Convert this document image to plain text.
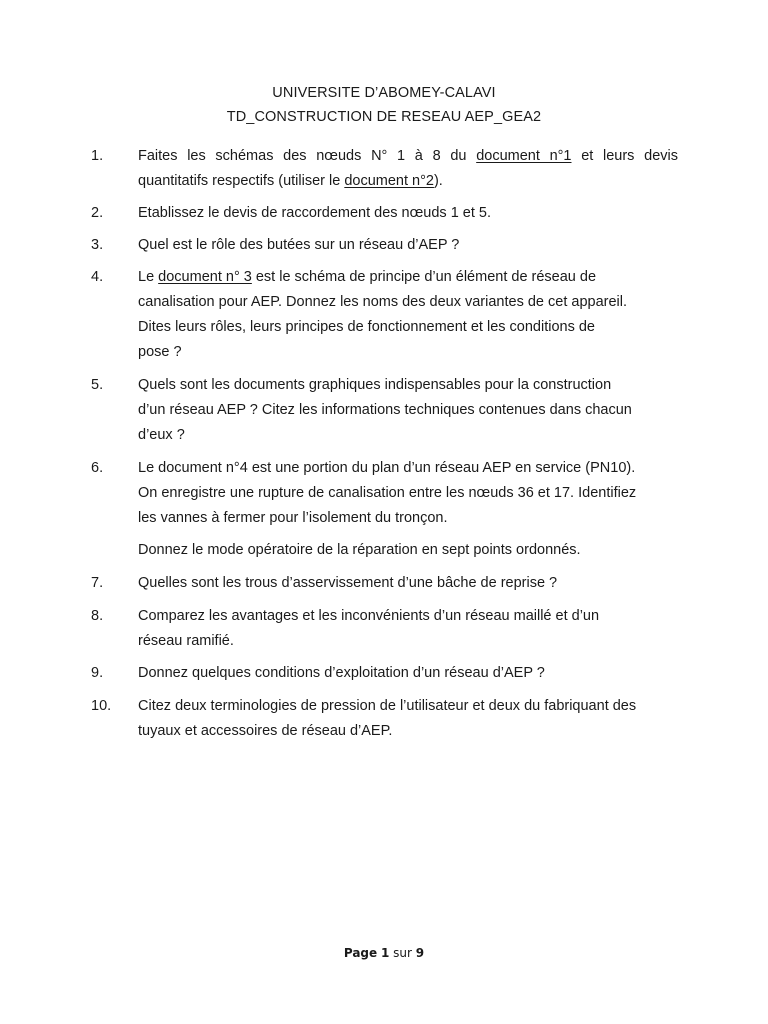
UNIVERSITE D’ABOMEY-CALAVI
TD_CONSTRUCTION DE RESEAU AEP_GEA2
1. Faites les schémas des nœuds N° 1 à 8 du document n°1 et leurs devis
quantitatifs respectifs (utiliser le document n°2).
2. Etablissez le devis de raccordement des nœuds 1 et 5.
3. Quel est le rôle des butées sur un réseau d’AEP ?
4. Le document n° 3 est le schéma de principe d’un élément de réseau de
canalisation pour AEP. Donnez les noms des deux variantes de cet appareil.
Dites leurs rôles, leurs principes de fonctionnement et les conditions de
pose ?
5. Quels sont les documents graphiques indispensables pour la construction
d’un réseau AEP ? Citez les informations techniques contenues dans chacun
d’eux ?
6. Le document n°4 est une portion du plan d’un réseau AEP en service (PN10).
On enregistre une rupture de canalisation entre les nœuds 36 et 17. Identifiez
les vannes à fermer pour l’isolement du tronçon.
Donnez le mode opératoire de la réparation en sept points ordonnés.
7. Quelles sont les trous d’asservissement d’une bâche de reprise ?
8. Comparez les avantages et les inconvénients d’un réseau maillé et d’un
réseau ramifié.
9. Donnez quelques conditions d’exploitation d’un réseau d’AEP ?
10. Citez deux terminologies de pression de l’utilisateur et deux du fabriquant des
tuyaux et accessoires de réseau d’AEP.
Page 1 sur 9
